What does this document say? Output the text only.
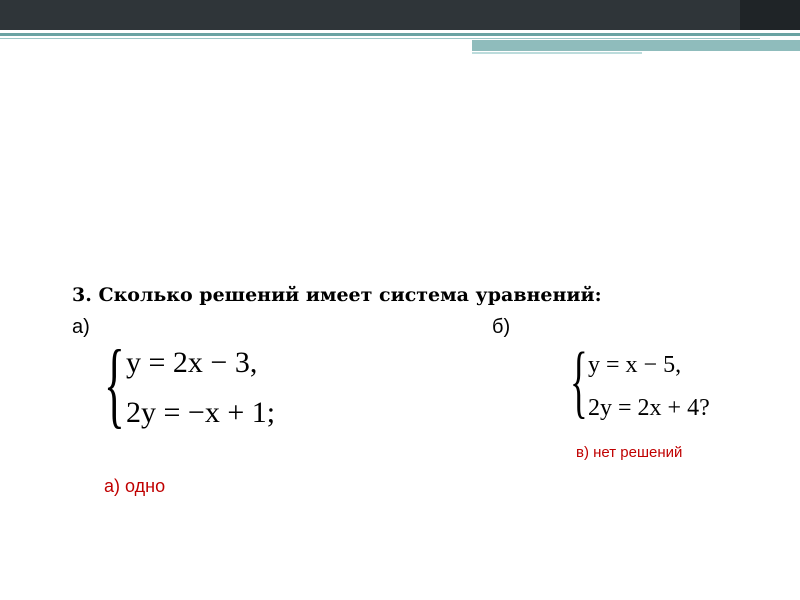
3. Сколько решений имеет система уравнений:
а)	б)
{ y = 2x − 3,
2y = −x + 1;	{ y = x − 5,
2y = 2x + 4?
в) нет решений
а) одно
